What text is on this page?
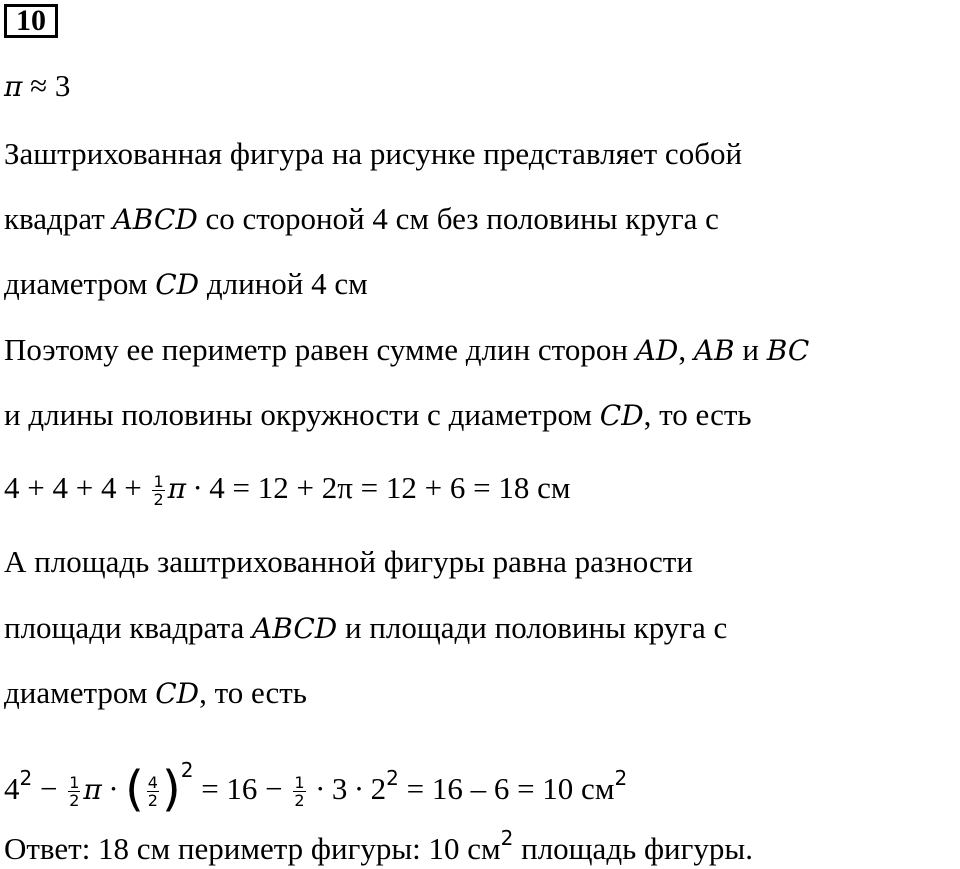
10
π ≈ 3
Заштрихованная фигура на рисунке представляет собой
квадрат ABCD со стороной 4 см без половины круга с
диаметром CD длиной 4 см
Поэтому ее периметр равен сумме длин сторон AD, AB и BC
и длины половины окружности с диаметром CD, то есть
$4 + 4 + 4 + \frac{1}{2}$ π ∙ 4 = 12 + 2π = 12 + 6 = 18 см
А площадь заштрихованной фигуры равна разности
площади квадрата ABCD и площади половины круга с
диаметром CD, то есть
$4^2 - \frac{1}{2}$ π ∙ ( $\frac{4}{2} )^2 = 16 - \frac{1}{2} \cdot 3 \cdot 2^2 = 16 - 6 = 10$ $см^2$
Ответ: 18 см периметр фигуры: 10 $см^2$ площадь фигуры.
